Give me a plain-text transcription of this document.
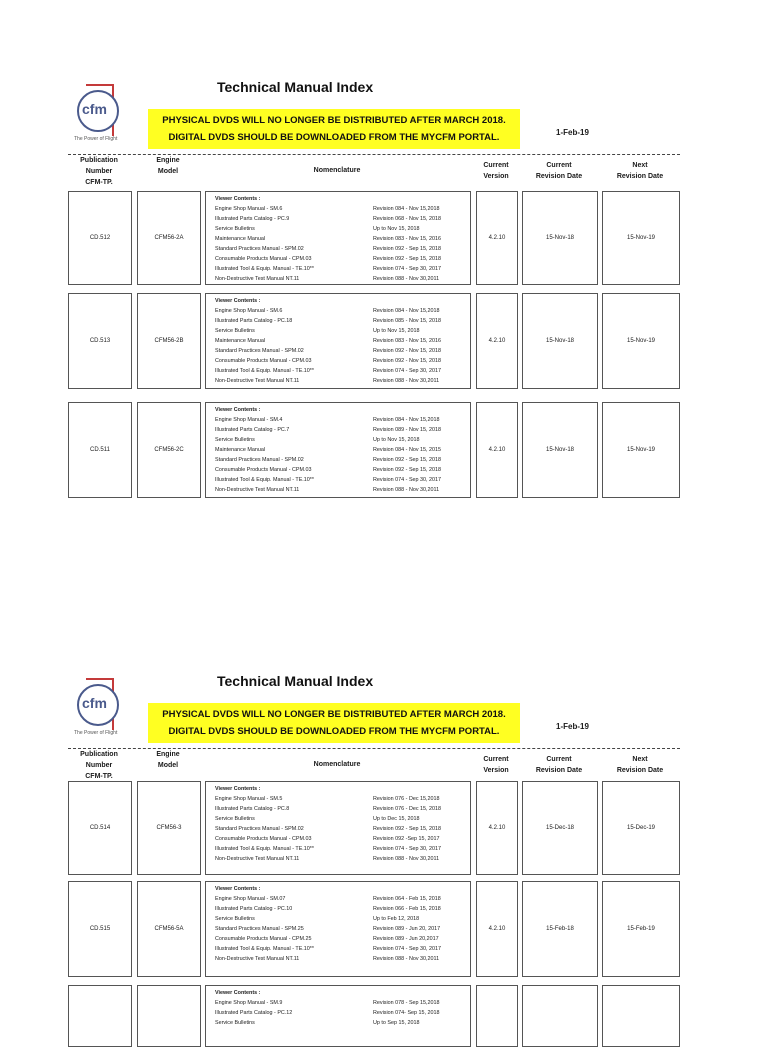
cfm
The Power of Flight
Technical Manual Index
PHYSICAL DVDS WILL NO LONGER BE DISTRIBUTED AFTER MARCH 2018.
DIGITAL DVDS SHOULD BE DOWNLOADED FROM THE MYCFM PORTAL.	1-Feb-19
Publication
Number
CFM-TP.
Engine
Model	Nomenclature
Current
Version
Current
Revision Date
Next
Revision Date
cfm
The Power of Flight
Technical Manual Index
PHYSICAL DVDS WILL NO LONGER BE DISTRIBUTED AFTER MARCH 2018.
DIGITAL DVDS SHOULD BE DOWNLOADED FROM THE MYCFM PORTAL.	1-Feb-19
Publication
Number
CFM-TP.
Engine
Model	Nomenclature
Current
Version
Current
Revision Date
Next
Revision Date
CD.512	CFM56-2A
Viewer Contents :
Engine Shop Manual - SM.6	Revision 084 - Nov 15,2018
Illustrated Parts Catalog - PC.9	Revision 068 - Nov 15, 2018
Service Bulletins	Up to Nov 15, 2018
Maintenance Manual	Revision 083 - Nov 15, 2016
Standard Practices Manual - SPM.02	Revision 092 - Sep 15, 2018
Consumable Products Manual - CPM.03	Revision 092 - Sep 15, 2018
Illustrated Tool & Equip. Manual - TE.10**	Revision 074 - Sep 30, 2017
Non-Destructive Test Manual NT.11	Revision 088 - Nov 30,2011
4.2.10	15-Nov-18	15-Nov-19
CD.513	CFM56-2B
Viewer Contents :
Engine Shop Manual - SM.6	Revision 084 - Nov 15,2018
Illustrated Parts Catalog - PC.18	Revision 085 - Nov 15, 2018
Service Bulletins	Up to Nov 15, 2018
Maintenance Manual	Revision 083 - Nov 15, 2016
Standard Practices Manual - SPM.02	Revision 092 - Nov 15, 2018
Consumable Products Manual - CPM.03	Revision 092 - Nov 15, 2018
Illustrated Tool & Equip. Manual - TE.10**	Revision 074 - Sep 30, 2017
Non-Destructive Test Manual NT.11	Revision 088 - Nov 30,2011
4.2.10	15-Nov-18	15-Nov-19
CD.511	CFM56-2C
Viewer Contents :
Engine Shop Manual - SM.4	Revision 084 - Nov 15,2018
Illustrated Parts Catalog - PC.7	Revision 089 - Nov 15, 2018
Service Bulletins	Up to Nov 15, 2018
Maintenance Manual	Revision 084 - Nov 15, 2015
Standard Practices Manual - SPM.02	Revision 092 - Sep 15, 2018
Consumable Products Manual - CPM.03	Revision 092 - Sep 15, 2018
Illustrated Tool & Equip. Manual - TE.10**	Revision 074 - Sep 30, 2017
Non-Destructive Test Manual NT.11	Revision 088 - Nov 30,2011
4.2.10	15-Nov-18	15-Nov-19
CD.514	CFM56-3
Viewer Contents :
Engine Shop Manual - SM.5	Revision 076 - Dec 15,2018
Illustrated Parts Catalog - PC.8	Revision 076 - Dec 15, 2018
Service Bulletins	Up to Dec 15, 2018
Standard Practices Manual - SPM.02	Revision 092 - Sep 15, 2018
Consumable Products Manual - CPM.03	Revision 092 -Sep 15, 2017
Illustrated Tool & Equip. Manual - TE.10**	Revision 074 - Sep 30, 2017
Non-Destructive Test Manual NT.11	Revision 088 - Nov 30,2011
4.2.10	15-Dec-18	15-Dec-19
CD.515	CFM56-5A
Viewer Contents :
Engine Shop Manual - SM.07	Revision 064 - Feb 15, 2018
Illustrated Parts Catalog - PC.10	Revision 066 - Feb 15, 2018
Service Bulletins	Up to Feb 12, 2018
Standard Practices Manual - SPM.25	Revision 089 - Jun 20, 2017
Consumable Products Manual - CPM.25	Revision 089 - Jun 20,2017
Illustrated Tool & Equip. Manual - TE.10**	Revision 074 - Sep 30, 2017
Non-Destructive Test Manual NT.11	Revision 088 - Nov 30,2011
4.2.10	15-Feb-18	15-Feb-19
Viewer Contents :
Engine Shop Manual - SM.9	Revision 078 - Sep 15,2018
Illustrated Parts Catalog - PC.12	Revision 074- Sep 15, 2018
Service Bulletins	Up to Sep 15, 2018
